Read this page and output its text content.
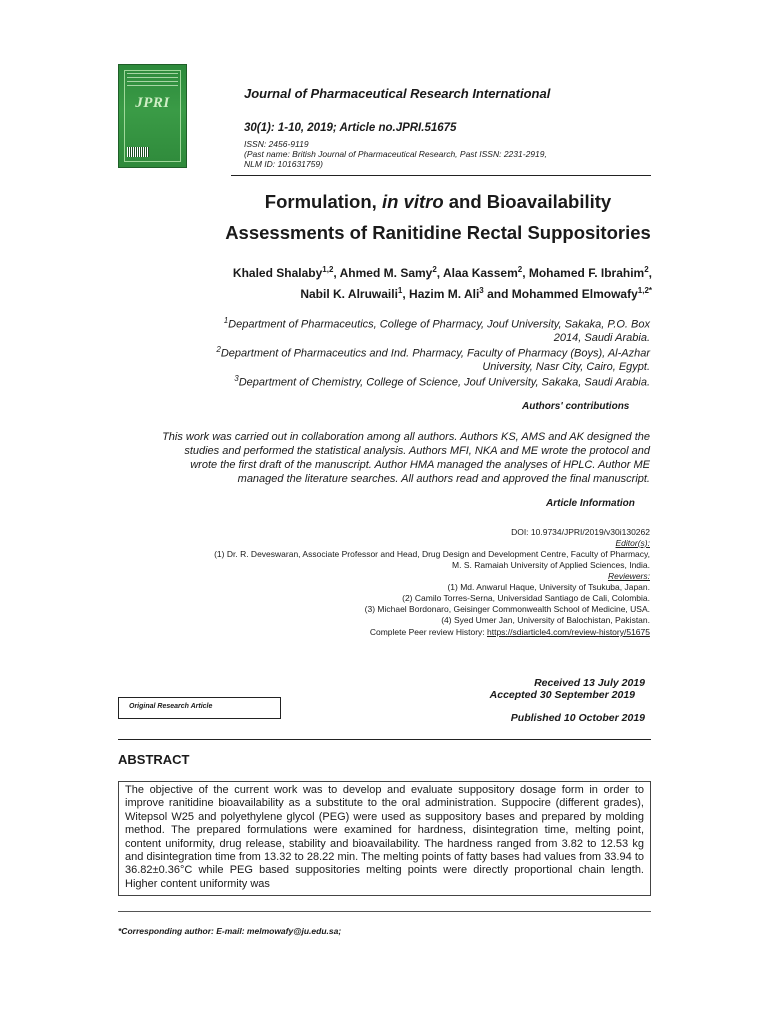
JPRI
Journal of Pharmaceutical Research International
30(1): 1-10, 2019; Article no.JPRI.51675
ISSN: 2456-9119
(Past name: British Journal of Pharmaceutical Research, Past ISSN: 2231-2919,
NLM ID: 101631759)
Formulation, in vitro and Bioavailability
Assessments of Ranitidine Rectal Suppositories
Khaled Shalaby$^{1,2}$, Ahmed M. Samy$^2$, Alaa Kassem$^2$, Mohamed F. Ibrahim$^2$,
Nabil K. Alruwaili$^1$, Hazim M. Ali$^3$ and Mohammed Elmowafy$^{1,2*}$
$^1$Department of Pharmaceutics, College of Pharmacy, Jouf University, Sakaka, P.O. Box
2014, Saudi Arabia.
$^2$Department of Pharmaceutics and Ind. Pharmacy, Faculty of Pharmacy (Boys), Al-Azhar
University, Nasr City, Cairo, Egypt.
$^3$Department of Chemistry, College of Science, Jouf University, Sakaka, Saudi Arabia.
Authors' contributions
This work was carried out in collaboration among all authors. Authors KS, AMS and AK designed the
studies and performed the statistical analysis. Authors MFI, NKA and ME wrote the protocol and
wrote the first draft of the manuscript. Author HMA managed the analyses of HPLC. Author ME
managed the literature searches. All authors read and approved the final manuscript.
Article Information
DOI: 10.9734/JPRI/2019/v30i130262
Editor(s):
(1) Dr. R. Deveswaran, Associate Professor and Head, Drug Design and Development Centre, Faculty of Pharmacy,
M. S. Ramaiah University of Applied Sciences, India.
Reviewers:
(1) Md. Anwarul Haque, University of Tsukuba, Japan.
(2) Camilo Torres-Serna, Universidad Santiago de Cali, Colombia.
(3) Michael Bordonaro, Geisinger Commonwealth School of Medicine, USA.
(4) Syed Umer Jan, University of Balochistan, Pakistan.
Complete Peer review History: https://sdiarticle4.com/review-history/51675
Received 13 July 2019
Accepted 30 September 2019
Published 10 October 2019
Original Research Article
ABSTRACT
The objective of the current work was to develop and evaluate suppository dosage form in order to improve ranitidine bioavailability as a substitute to the oral administration. Suppocire (different grades), Witepsol W25 and polyethylene glycol (PEG) were used as suppository bases and prepared by molding method. The prepared formulations were examined for hardness, disintegration time, melting point, content uniformity, drug release, stability and bioavailability. The hardness ranged from 3.82 to 12.53 kg and disintegration time from 13.32 to 28.22 min. The melting points of fatty bases had values from 33.94 to 36.82±0.36°C while PEG based suppositories melting points were directly proportional chain length. Higher content uniformity was
*Corresponding author: E-mail: melmowafy@ju.edu.sa;
